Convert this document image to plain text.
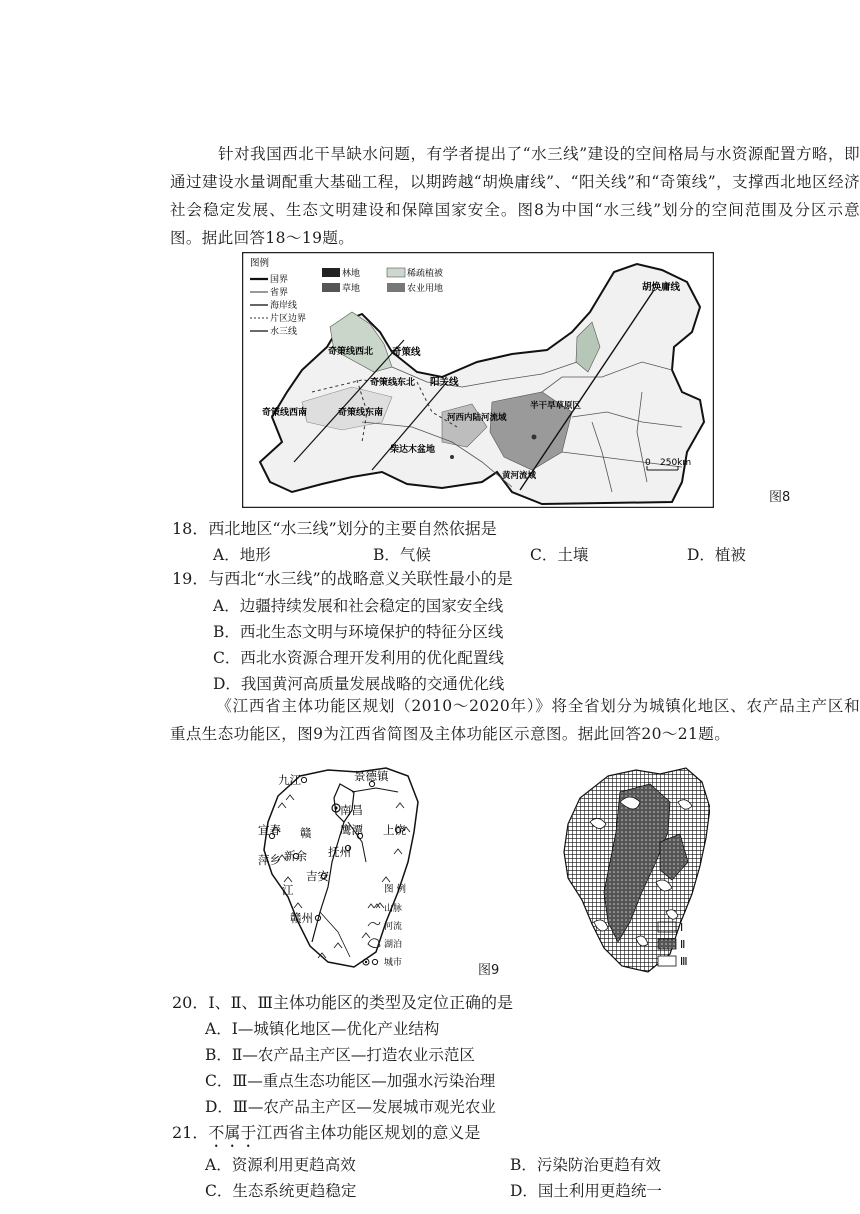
针对我国西北干旱缺水问题，有学者提出了“水三线”建设的空间格局与水资源配置方略，即通过建设水量调配重大基础工程，以期跨越“胡焕庸线”、“阳关线”和“奇策线”，支撑西北地区经济社会稳定发展、生态文明建设和保障国家安全。图8为中国“水三线”划分的空间范围及分区示意图。据此回答18～19题。

图例
国界
省界
海岸线
片区边界
水三线
林地
草地
稀疏植被
农业用地	胡焕庸线
奇策线
阳关线
奇策线西北
奇策线东北
奇策线西南	奇策线东南	河西内陆河流域
半干旱草原区
柴达木盆地
黄河流域
0 250km
图8
18．西北地区“水三线”划分的主要自然依据是
A．地形	B．气候	C．土壤	D．植被
19．与西北“水三线”的战略意义关联性最小的是
A．边疆持续发展和社会稳定的国家安全线
B．西北生态文明与环境保护的特征分区线
C．西北水资源合理开发利用的优化配置线
D．我国黄河高质量发展战略的交通优化线

《江西省主体功能区规划（2010～2020年）》将全省划分为城镇化地区、农产品主产区和重点生态功能区，图9为江西省简图及主体功能区示意图。据此回答20～21题。

九江	景德镇
南昌
宜春 赣 鹰潭 上饶
萍乡 新余 抚州
吉安
江
赣州
图 例
山脉
河流
湖泊
城市	图9
Ⅰ
Ⅱ
Ⅲ
20．Ⅰ、Ⅱ、Ⅲ主体功能区的类型及定位正确的是
A．Ⅰ—城镇化地区—优化产业结构
B．Ⅱ—农产品主产区—打造农业示范区
C．Ⅲ—重点生态功能区—加强水污染治理
D．Ⅲ—农产品主产区—发展城市观光农业
21．不属于江西省主体功能区规划的意义是
A．资源利用更趋高效	B．污染防治更趋有效
C．生态系统更趋稳定	D．国土利用更趋统一
